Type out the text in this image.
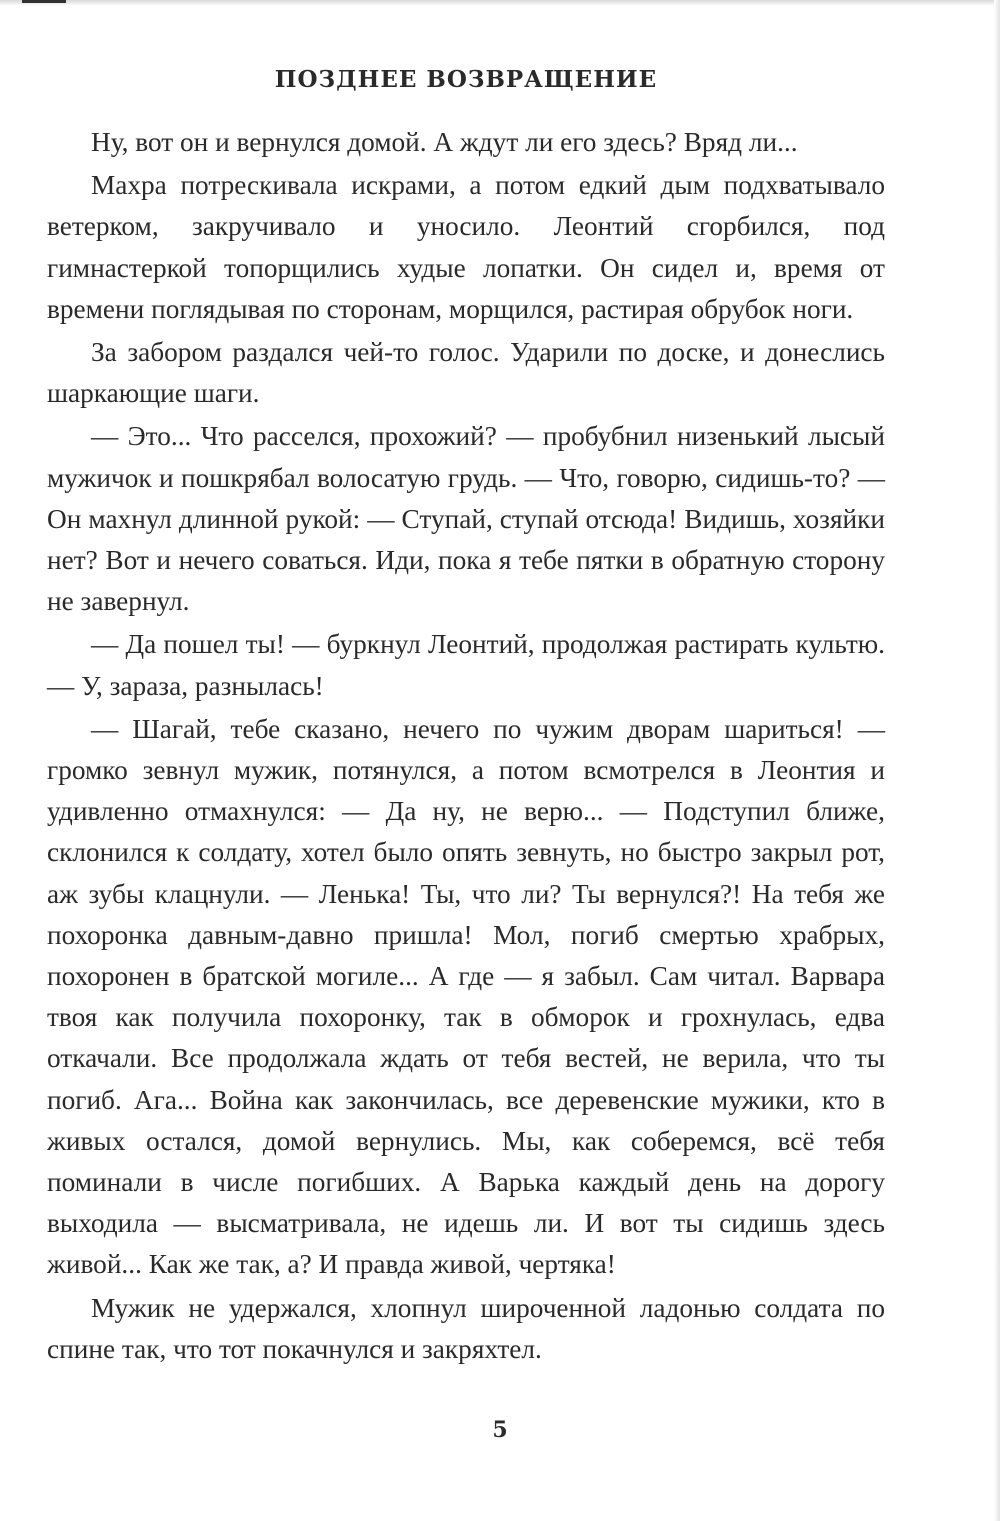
ПОЗДНЕЕ ВОЗВРАЩЕНИЕ

Ну, вот он и вернулся домой. А ждут ли его здесь? Вряд ли...

Махра потрескивала искрами, а потом едкий дым подхватывало ветерком, закручивало и уносило. Леонтий сгорбился, под гимнастеркой топорщились худые лопатки. Он сидел и, время от времени поглядывая по сторонам, морщился, растирая обрубок ноги.

За забором раздался чей-то голос. Ударили по доске, и донеслись шаркающие шаги.

— Это... Что расселся, прохожий? — пробубнил низенький лысый мужичок и пошкрябал волосатую грудь. — Что, говорю, сидишь-то? — Он махнул длинной рукой: — Ступай, ступай отсюда! Видишь, хозяйки нет? Вот и нечего соваться. Иди, пока я тебе пятки в обратную сторону не завернул.

— Да пошел ты! — буркнул Леонтий, продолжая растирать культю. — У, зараза, разнылась!

— Шагай, тебе сказано, нечего по чужим дворам шариться! — громко зевнул мужик, потянулся, а потом всмотрелся в Леонтия и удивленно отмахнулся: — Да ну, не верю... — Подступил ближе, склонился к солдату, хотел было опять зевнуть, но быстро закрыл рот, аж зубы клацнули. — Ленька! Ты, что ли? Ты вернулся?! На тебя же похоронка давным-давно пришла! Мол, погиб смертью храбрых, похоронен в братской могиле... А где — я забыл. Сам читал. Варвара твоя как получила похоронку, так в обморок и грохнулась, едва откачали. Все продолжала ждать от тебя вестей, не верила, что ты погиб. Ага... Война как закончилась, все деревенские мужики, кто в живых остался, домой вернулись. Мы, как соберемся, всё тебя поминали в числе погибших. А Варька каждый день на дорогу выходила — высматривала, не идешь ли. И вот ты сидишь здесь живой... Как же так, а? И правда живой, чертяка!

Мужик не удержался, хлопнул широченной ладонью солдата по спине так, что тот покачнулся и закряхтел.

5
